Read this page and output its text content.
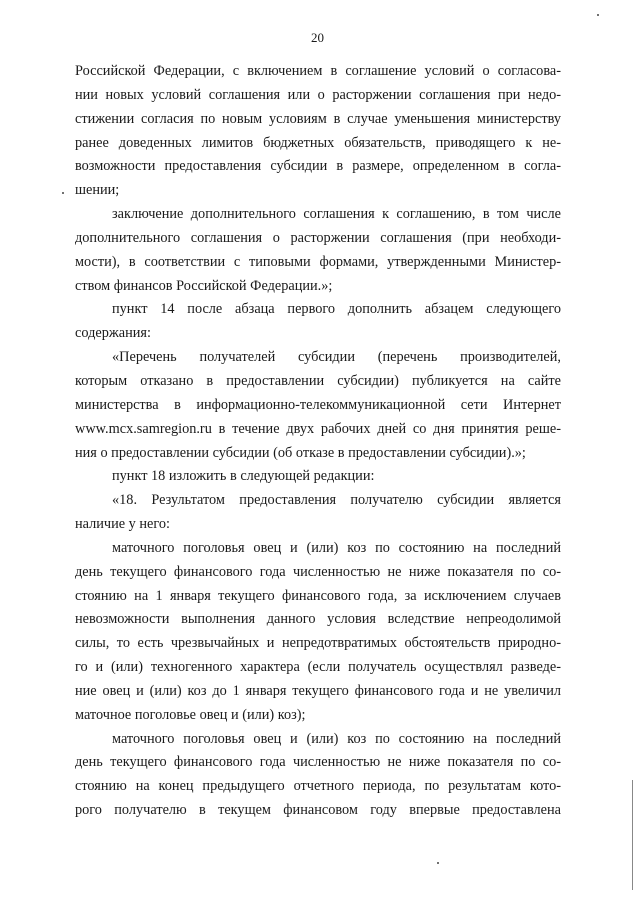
20
Российской Федерации, с включением в соглашение условий о согласова-
нии новых условий соглашения или о расторжении соглашения при недо-
стижении согласия по новым условиям в случае уменьшения министерству
ранее доведенных лимитов бюджетных обязательств, приводящего к не-
возможности предоставления субсидии в размере, определенном в согла-
шении;
заключение дополнительного соглашения к соглашению, в том числе
дополнительного соглашения о расторжении соглашения (при необходи-
мости), в соответствии с типовыми формами, утвержденными Министер-
ством финансов Российской Федерации.»;
пункт 14 после абзаца первого дополнить абзацем следующего
содержания:
«Перечень получателей субсидии (перечень производителей,
которым отказано в предоставлении субсидии) публикуется на сайте
министерства в информационно-телекоммуникационной сети Интернет
www.mcx.samregion.ru в течение двух рабочих дней со дня принятия реше-
ния о предоставлении субсидии (об отказе в предоставлении субсидии).»;
пункт 18 изложить в следующей редакции:
«18. Результатом предоставления получателю субсидии является
наличие у него:
маточного поголовья овец и (или) коз по состоянию на последний
день текущего финансового года численностью не ниже показателя по со-
стоянию на 1 января текущего финансового года, за исключением случаев
невозможности выполнения данного условия вследствие непреодолимой
силы, то есть чрезвычайных и непредотвратимых обстоятельств природно-
го и (или) техногенного характера (если получатель осуществлял разведе-
ние овец и (или) коз до 1 января текущего финансового года и не увеличил
маточное поголовье овец и (или) коз);
маточного поголовья овец и (или) коз по состоянию на последний
день текущего финансового года численностью не ниже показателя по со-
стоянию на конец предыдущего отчетного периода, по результатам кото-
рого получателю в текущем финансовом году впервые предоставлена
